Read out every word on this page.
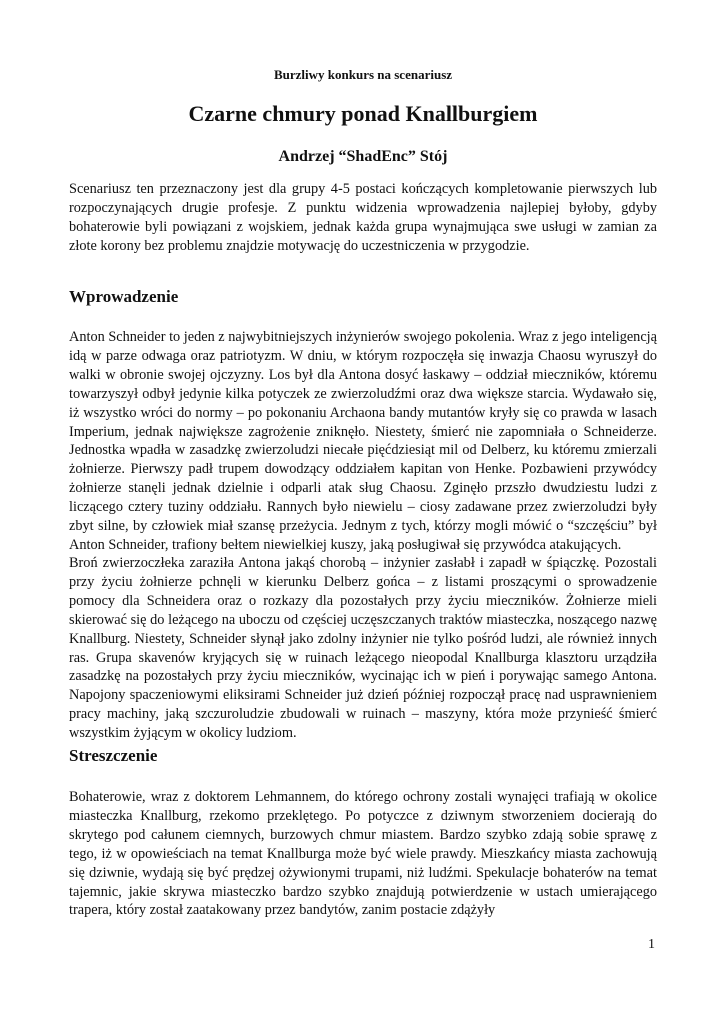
Burzliwy konkurs na scenariusz
Czarne chmury ponad Knallburgiem
Andrzej “ShadEnc” Stój

Scenariusz ten przeznaczony jest dla grupy 4-5 postaci kończących kompletowanie pierwszych lub rozpoczynających drugie profesje. Z punktu widzenia wprowadzenia najlepiej byłoby, gdyby bohaterowie byli powiązani z wojskiem, jednak każda grupa wynajmująca swe usługi w zamian za złote korony bez problemu znajdzie motywację do uczestniczenia w przygodzie.

Wprowadzenie

Anton Schneider to jeden z najwybitniejszych inżynierów swojego pokolenia. Wraz z jego inteligencją idą w parze odwaga oraz patriotyzm. W dniu, w którym rozpoczęła się inwazja Chaosu wyruszył do walki w obronie swojej ojczyzny. Los był dla Antona dosyć łaskawy – oddział mieczników, któremu towarzyszył odbył jedynie kilka potyczek ze zwierzoludźmi oraz dwa większe starcia. Wydawało się, iż wszystko wróci do normy – po pokonaniu Archaona bandy mutantów kryły się co prawda w lasach Imperium, jednak największe zagrożenie zniknęło. Niestety, śmierć nie zapomniała o Schneiderze. Jednostka wpadła w zasadzkę zwierzoludzi niecałe pięćdziesiąt mil od Delberz, ku któremu zmierzali żołnierze. Pierwszy padł trupem dowodzący oddziałem kapitan von Henke. Pozbawieni przywódcy żołnierze stanęli jednak dzielnie i odparli atak sług Chaosu. Zginęło przszło dwudziestu ludzi z liczącego cztery tuziny oddziału. Rannych było niewielu – ciosy zadawane przez zwierzoludzi były zbyt silne, by człowiek miał szansę przeżycia. Jednym z tych, którzy mogli mówić o “szczęściu” był Anton Schneider, trafiony bełtem niewielkiej kuszy, jaką posługiwał się przywódca atakujących.

Broń zwierzoczłeka zaraziła Antona jakąś chorobą – inżynier zasłabł i zapadł w śpiączkę. Pozostali przy życiu żołnierze pchnęli w kierunku Delberz gońca – z listami proszącymi o sprowadzenie pomocy dla Schneidera oraz o rozkazy dla pozostałych przy życiu mieczników. Żołnierze mieli skierować się do leżącego na uboczu od częściej uczęszczanych traktów miasteczka, noszącego nazwę Knallburg. Niestety, Schneider słynął jako zdolny inżynier nie tylko pośród ludzi, ale również innych ras. Grupa skavenów kryjących się w ruinach leżącego nieopodal Knallburga klasztoru urządziła zasadzkę na pozostałych przy życiu mieczników, wycinając ich w pień i porywając samego Antona. Napojony spaczeniowymi eliksirami Schneider już dzień później rozpoczął pracę nad usprawnieniem pracy machiny, jaką szczuroludzie zbudowali w ruinach – maszyny, która może przynieść śmierć wszystkim żyjącym w okolicy ludziom.

Streszczenie

Bohaterowie, wraz z doktorem Lehmannem, do którego ochrony zostali wynajęci trafiają w okolice miasteczka Knallburg, rzekomo przeklętego. Po potyczce z dziwnym stworzeniem docierają do skrytego pod całunem ciemnych, burzowych chmur miastem. Bardzo szybko zdają sobie sprawę z tego, iż w opowieściach na temat Knallburga może być wiele prawdy. Mieszkańcy miasta zachowują się dziwnie, wydają się być prędzej ożywionymi trupami, niż ludźmi. Spekulacje bohaterów na temat tajemnic, jakie skrywa miasteczko bardzo szybko znajdują potwierdzenie w ustach umierającego trapera, który został zaatakowany przez bandytów, zanim postacie zdążyły

1
